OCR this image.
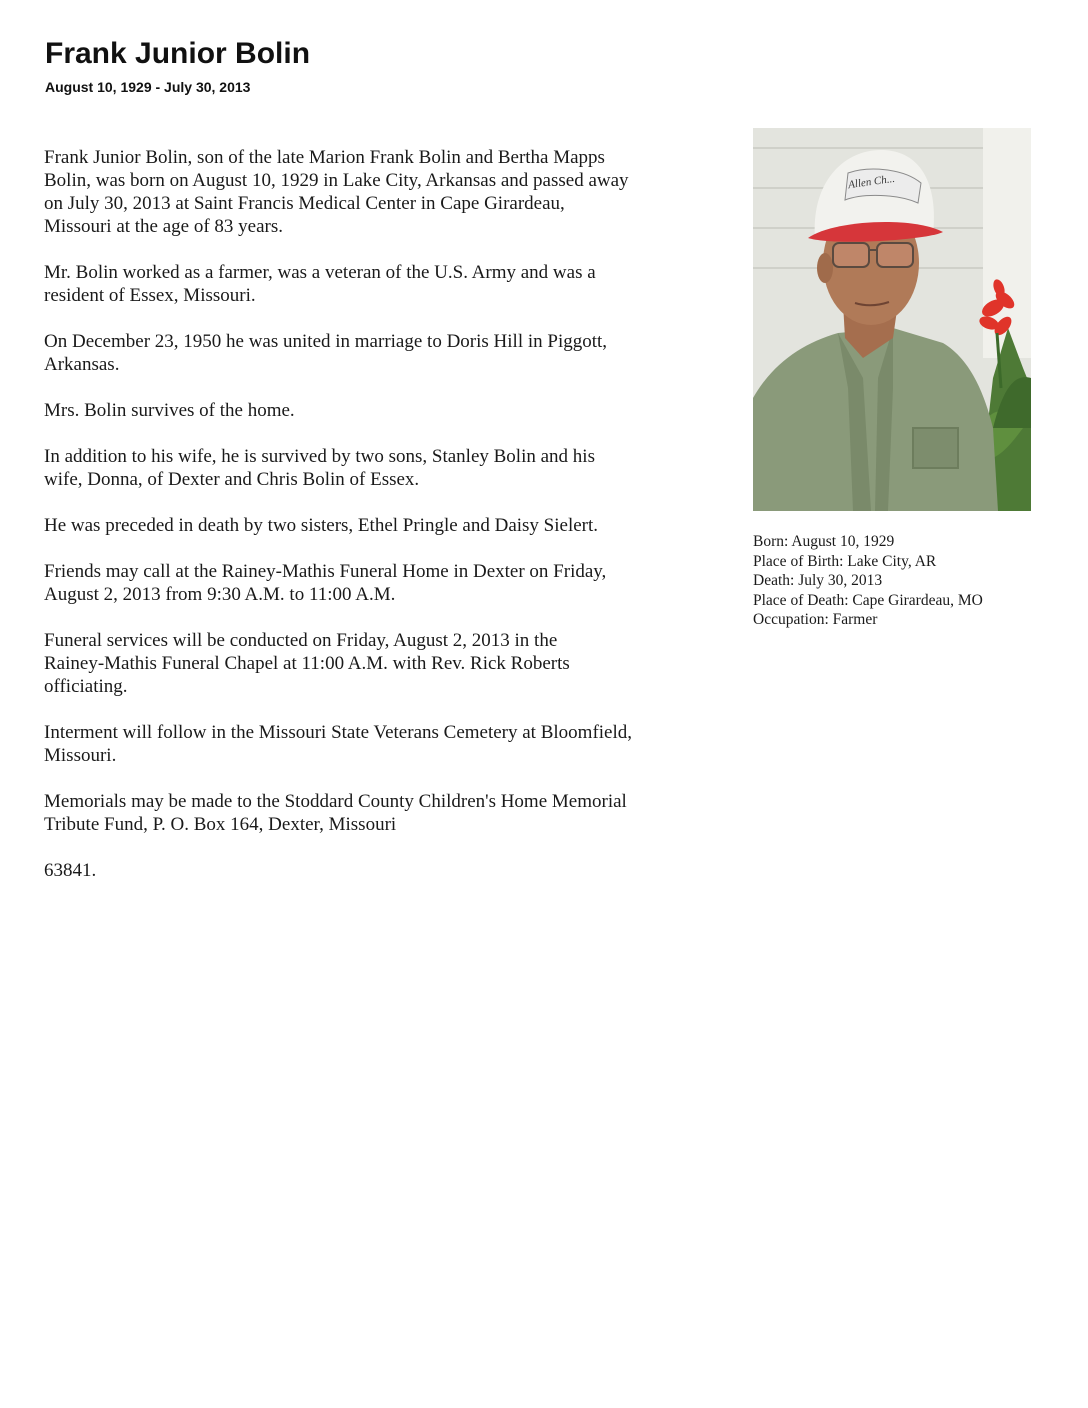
Frank Junior Bolin
August 10, 1929 - July 30, 2013

Frank Junior Bolin, son of the late Marion Frank Bolin and Bertha Mapps
Bolin, was born on August 10, 1929 in Lake City, Arkansas and passed away
on July 30, 2013 at Saint Francis Medical Center in Cape Girardeau,
Missouri at the age of 83 years.

Mr. Bolin worked as a farmer, was a veteran of the U.S. Army and was a
resident of Essex, Missouri.

On December 23, 1950 he was united in marriage to Doris Hill in Piggott,
Arkansas.

Mrs. Bolin survives of the home.

In addition to his wife, he is survived by two sons, Stanley Bolin and his
wife, Donna, of Dexter and Chris Bolin of Essex.

He was preceded in death by two sisters, Ethel Pringle and Daisy Sielert.

Friends may call at the Rainey-Mathis Funeral Home in Dexter on Friday,
August 2, 2013 from 9:30 A.M. to 11:00 A.M.

Funeral services will be conducted on Friday, August 2, 2013 in the
Rainey-Mathis Funeral Chapel at 11:00 A.M. with Rev. Rick Roberts
officiating.

Interment will follow in the Missouri State Veterans Cemetery at Bloomfield,
Missouri.

Memorials may be made to the Stoddard County Children's Home Memorial
Tribute Fund, P. O. Box 164, Dexter, Missouri

63841.

Allen Ch...
Born: August 10, 1929
Place of Birth: Lake City, AR
Death: July 30, 2013
Place of Death: Cape Girardeau, MO
Occupation: Farmer
